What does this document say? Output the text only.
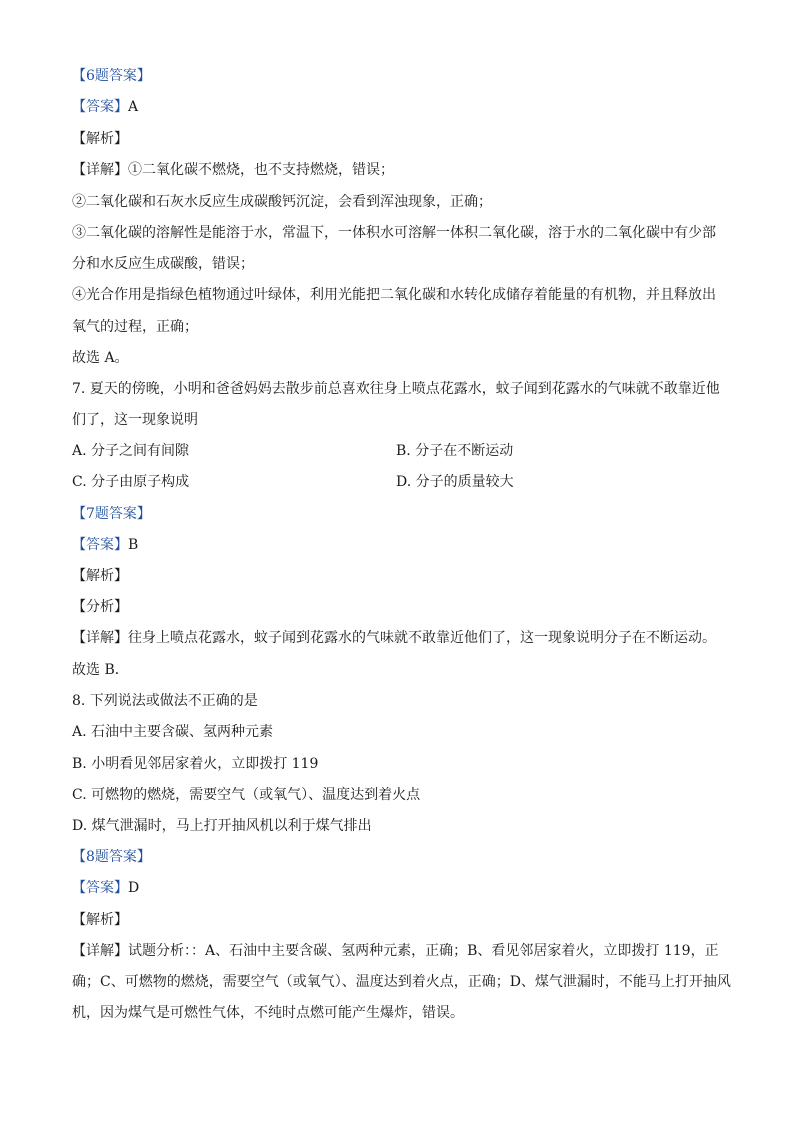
【6题答案】
【答案】A
【解析】
【详解】①二氧化碳不燃烧，也不支持燃烧，错误；
②二氧化碳和石灰水反应生成碳酸钙沉淀，会看到浑浊现象，正确；
③二氧化碳的溶解性是能溶于水，常温下，一体积水可溶解一体积二氧化碳，溶于水的二氧化碳中有少部
分和水反应生成碳酸，错误；
④光合作用是指绿色植物通过叶绿体，利用光能把二氧化碳和水转化成储存着能量的有机物，并且释放出
氧气的过程，正确；
故选 A。
7. 夏天的傍晚，小明和爸爸妈妈去散步前总喜欢往身上喷点花露水，蚊子闻到花露水的气味就不敢靠近他
们了，这一现象说明
A. 分子之间有间隙	B. 分子在不断运动
C. 分子由原子构成	D. 分子的质量较大
【7题答案】
【答案】B
【解析】
【分析】
【详解】往身上喷点花露水，蚊子闻到花露水的气味就不敢靠近他们了，这一现象说明分子在不断运动。
故选 B．
8. 下列说法或做法不正确的是
A. 石油中主要含碳、氢两种元素
B. 小明看见邻居家着火，立即拨打 119
C. 可燃物的燃烧，需要空气（或氧气）、温度达到着火点
D. 煤气泄漏时，马上打开抽风机以利于煤气排出
【8题答案】
【答案】D
【解析】
【详解】试题分析：：A、石油中主要含碳、氢两种元素，正确；B、看见邻居家着火，立即拨打 119，正
确；C、可燃物的燃烧，需要空气（或氧气）、温度达到着火点，正确；D、煤气泄漏时，不能马上打开抽风
机，因为煤气是可燃性气体，不纯时点燃可能产生爆炸，错误。
